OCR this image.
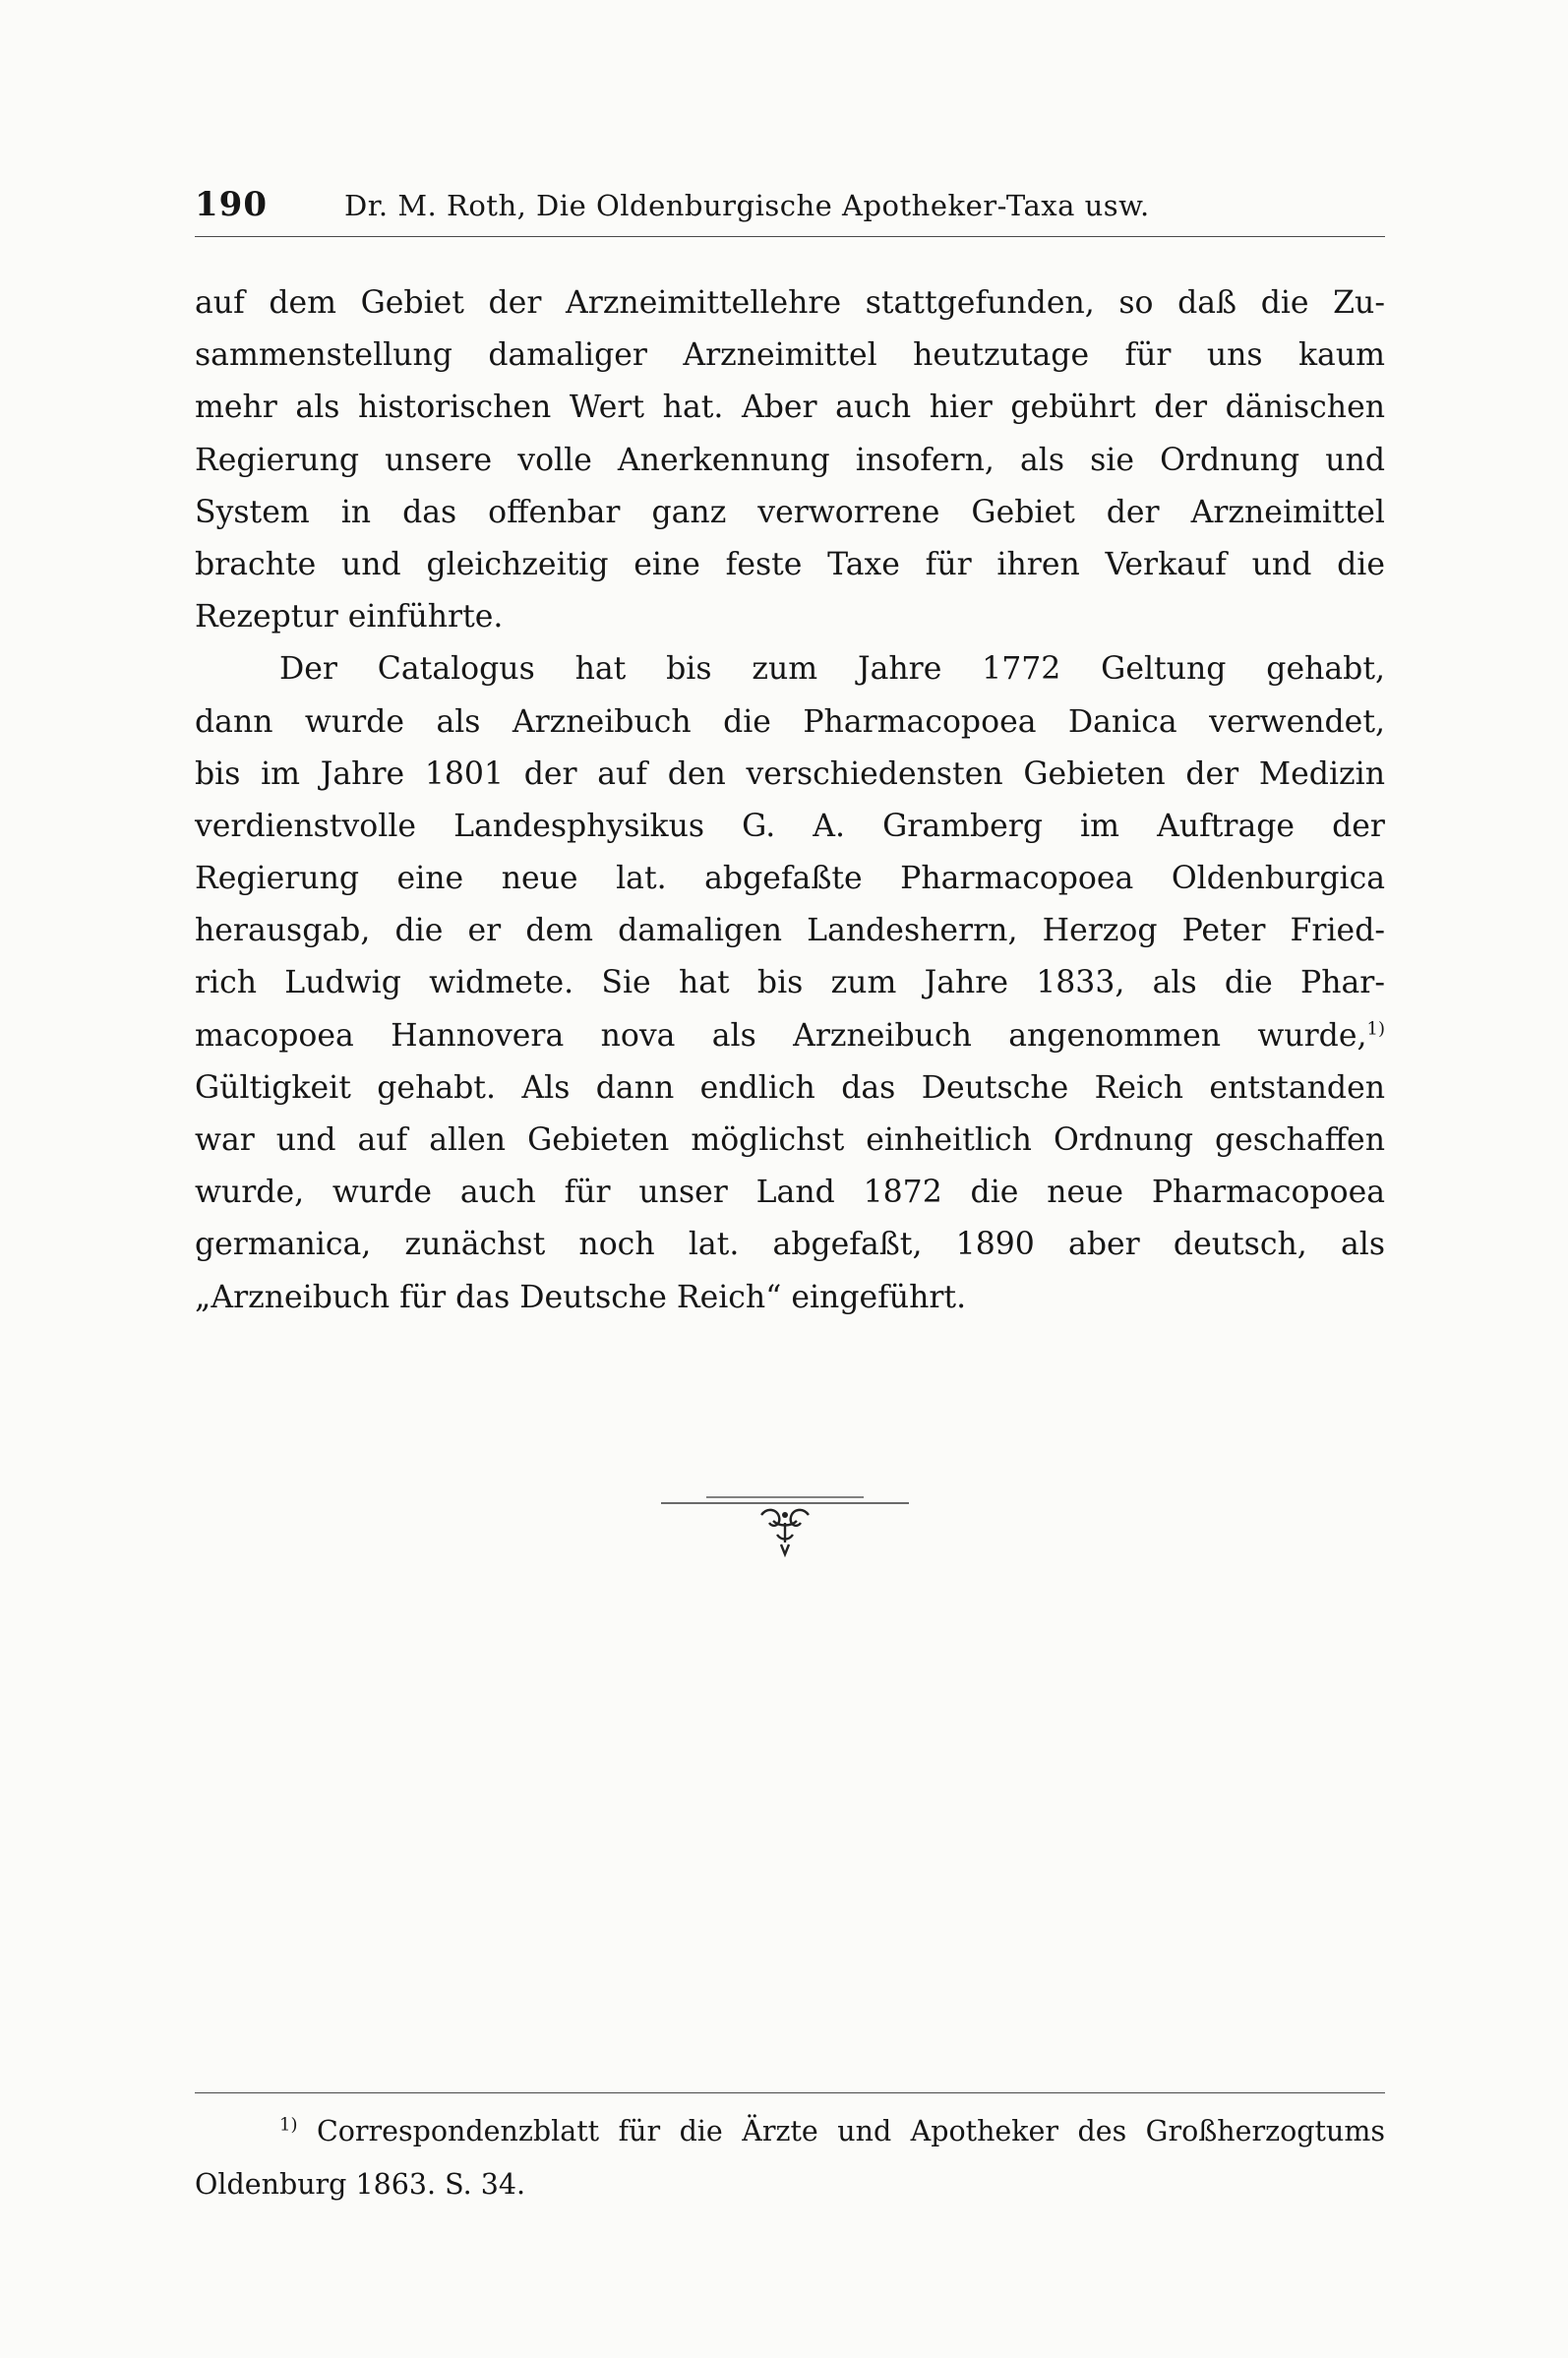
190	Dr. M. Roth, Die Oldenburgische Apotheker-Taxa usw.
auf dem Gebiet der Arzneimittellehre stattgefunden, so daß die Zu-
sammenstellung damaliger Arzneimittel heutzutage für uns kaum
mehr als historischen Wert hat. Aber auch hier gebührt der dänischen
Regierung unsere volle Anerkennung insofern, als sie Ordnung und
System in das offenbar ganz verworrene Gebiet der Arzneimittel
brachte und gleichzeitig eine feste Taxe für ihren Verkauf und die
Rezeptur einführte.
Der Catalogus hat bis zum Jahre 1772 Geltung gehabt,
dann wurde als Arzneibuch die Pharmacopoea Danica verwendet,
bis im Jahre 1801 der auf den verschiedensten Gebieten der Medizin
verdienstvolle Landesphysikus G. A. Gramberg im Auftrage der
Regierung eine neue lat. abgefaßte Pharmacopoea Oldenburgica
herausgab, die er dem damaligen Landesherrn, Herzog Peter Fried-
rich Ludwig widmete. Sie hat bis zum Jahre 1833, als die Phar-
macopoea Hannovera nova als Arzneibuch angenommen wurde,$^{1)}$
Gültigkeit gehabt. Als dann endlich das Deutsche Reich entstanden
war und auf allen Gebieten möglichst einheitlich Ordnung geschaffen
wurde, wurde auch für unser Land 1872 die neue Pharmacopoea
germanica, zunächst noch lat. abgefaßt, 1890 aber deutsch, als
„Arzneibuch für das Deutsche Reich“ eingeführt.
$^{1)}$ Correspondenzblatt für die Ärzte und Apotheker des Großherzogtums
Oldenburg 1863. S. 34.
